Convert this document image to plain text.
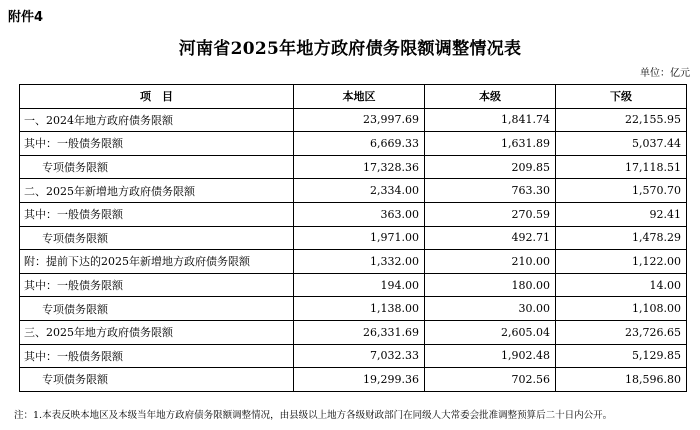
附件4
河南省2025年地方政府债务限额调整情况表
单位：亿元
项　目	本地区	本级	下级
一、2024年地方政府债务限额	23,997.69	1,841.74	22,155.95
其中：一般债务限额	6,669.33	1,631.89	5,037.44
专项债务限额	17,328.36	209.85	17,118.51
二、2025年新增地方政府债务限额	2,334.00	763.30	1,570.70
其中：一般债务限额	363.00	270.59	92.41
专项债务限额	1,971.00	492.71	1,478.29
附：提前下达的2025年新增地方政府债务限额	1,332.00	210.00	1,122.00
其中：一般债务限额	194.00	180.00	14.00
专项债务限额	1,138.00	30.00	1,108.00
三、2025年地方政府债务限额	26,331.69	2,605.04	23,726.65
其中：一般债务限额	7,032.33	1,902.48	5,129.85
专项债务限额	19,299.36	702.56	18,596.80
注：1.本表反映本地区及本级当年地方政府债务限额调整情况，由县级以上地方各级财政部门在同级人大常委会批准调整预算后二十日内公开。
